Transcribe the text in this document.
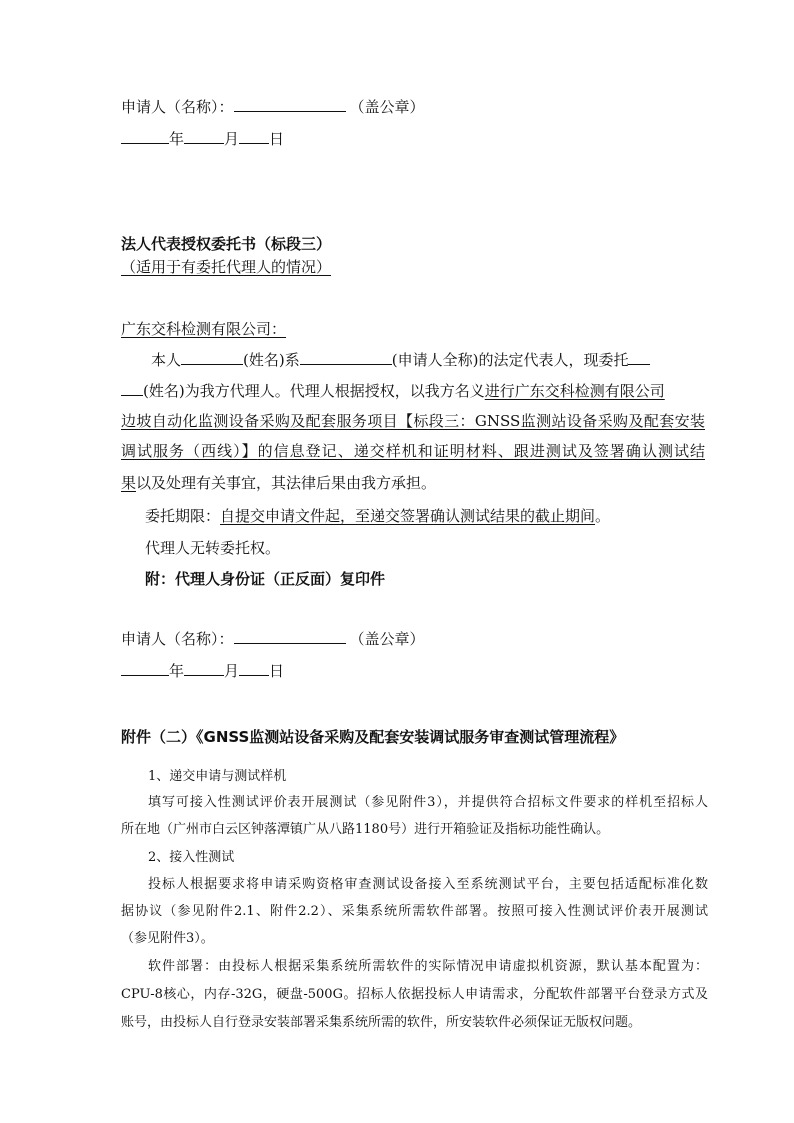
申请人（名称）：	（盖公章）
年	月 日
法人代表授权委托书（标段三）
（适用于有委托代理人的情况）
广东交科检测有限公司：
本人	(姓名)系	(申请人全称)的法定代表人，现委托
(姓名)为我方代理人。代理人根据授权，以我方名义进行广东交科检测有限公司
边坡自动化监测设备采购及配套服务项目【标段三：GNSS监测站设备采购及配套安装
调试服务（西线）】的信息登记、递交样机和证明材料、跟进测试及签署确认测试结
果以及处理有关事宜，其法律后果由我方承担。
委托期限：自提交申请文件起，至递交签署确认测试结果的截止期间。
代理人无转委托权。
附：代理人身份证（正反面）复印件
申请人（名称）：	（盖公章）
年	月 日
附件（二）《GNSS监测站设备采购及配套安装调试服务审查测试管理流程》
1、递交申请与测试样机
填写可接入性测试评价表开展测试（参见附件3），并提供符合招标文件要求的样机至招标人
所在地（广州市白云区钟落潭镇广从八路1180号）进行开箱验证及指标功能性确认。
2、接入性测试
投标人根据要求将申请采购资格审查测试设备接入至系统测试平台，主要包括适配标准化数
据协议（参见附件2.1、附件2.2）、采集系统所需软件部署。按照可接入性测试评价表开展测试
（参见附件3）。
软件部署：由投标人根据采集系统所需软件的实际情况申请虚拟机资源，默认基本配置为：
CPU-8核心，内存-32G，硬盘-500G。招标人依据投标人申请需求，分配软件部署平台登录方式及
账号，由投标人自行登录安装部署采集系统所需的软件，所安装软件必须保证无版权问题。
